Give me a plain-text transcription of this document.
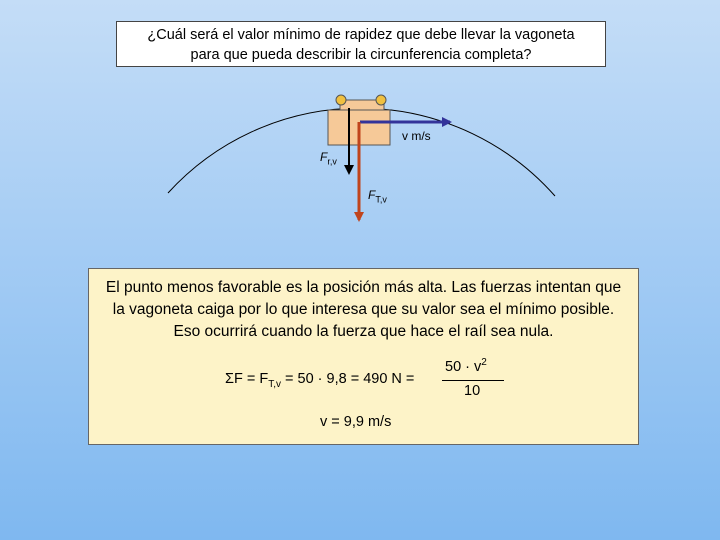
¿Cuál será el valor mínimo de rapidez que debe llevar la vagoneta
para que pueda describir la circunferencia completa?
v m/s
$F_{r,v}$
$F_{T,v}$
El punto menos favorable es la posición más alta. Las fuerzas intentan que
la vagoneta caiga por lo que interesa que su valor sea el mínimo posible.
Eso ocurrirá cuando la fuerza que hace el raíl sea nula.
$\Sigma F = F_{T,v} = 50 \cdot 9,8 = 490$ N =
$50 \cdot v^2$
10
v = 9,9 m/s
